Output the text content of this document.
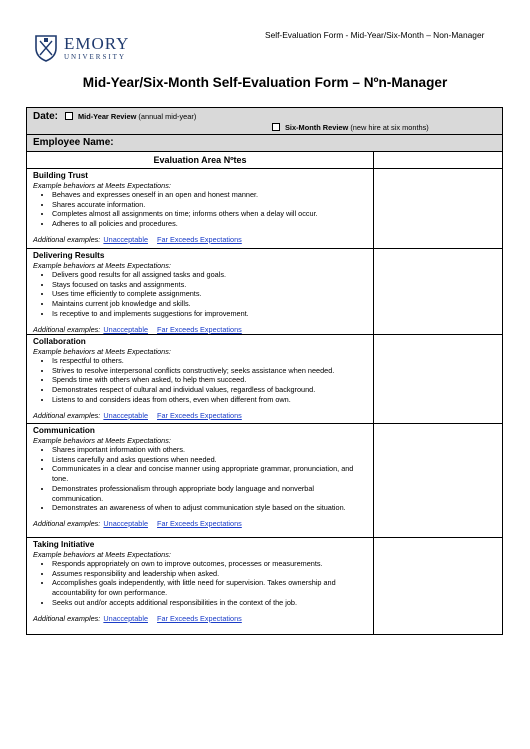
EMORY
UNIVERSITY
Self-Evaluation Form - Mid-Year/Six-Month – Non-Manager
Mid-Year/Six-Month Self-Evaluation Form – Nºn-Manager
Date:	Mid-Year Review (annual mid-year)
Six-Month Review (new hire at six months)
Employee Name:
Evaluation Area Nºtes
Building Trust
Example behaviors at Meets Expectations:
• Behaves and expresses oneself in an open and honest manner.
• Shares accurate information.
• Completes almost all assignments on time; informs others when a delay will occur.
• Adheres to all policies and procedures.
Additional examples: Unacceptable Far Exceeds Expectations
Delivering Results
Example behaviors at Meets Expectations:
• Delivers good results for all assigned tasks and goals.
• Stays focused on tasks and assignments.
• Uses time efficiently to complete assignments.
• Maintains current job knowledge and skills.
• Is receptive to and implements suggestions for improvement.
Additional examples: Unacceptable Far Exceeds Expectations
Collaboration
Example behaviors at Meets Expectations:
• Is respectful to others.
• Strives to resolve interpersonal conflicts constructively; seeks assistance when needed.
• Spends time with others when asked, to help them succeed.
• Demonstrates respect of cultural and individual values, regardless of background.
• Listens to and considers ideas from others, even when different from own.
Additional examples: Unacceptable Far Exceeds Expectations
Communication
Example behaviors at Meets Expectations:
• Shares important information with others.
• Listens carefully and asks questions when needed.
• Communicates in a clear and concise manner using appropriate grammar, pronunciation, and tone.
• Demonstrates professionalism through appropriate body language and nonverbal communication.
• Demonstrates an awareness of when to adjust communication style based on the situation.
Additional examples: Unacceptable Far Exceeds Expectations
Taking Initiative
Example behaviors at Meets Expectations:
• Responds appropriately on own to improve outcomes, processes or measurements.
• Assumes responsibility and leadership when asked.
• Accomplishes goals independently, with little need for supervision. Takes ownership and accountability for own performance.
• Seeks out and/or accepts additional responsibilities in the context of the job.
Additional examples: Unacceptable Far Exceeds Expectations
